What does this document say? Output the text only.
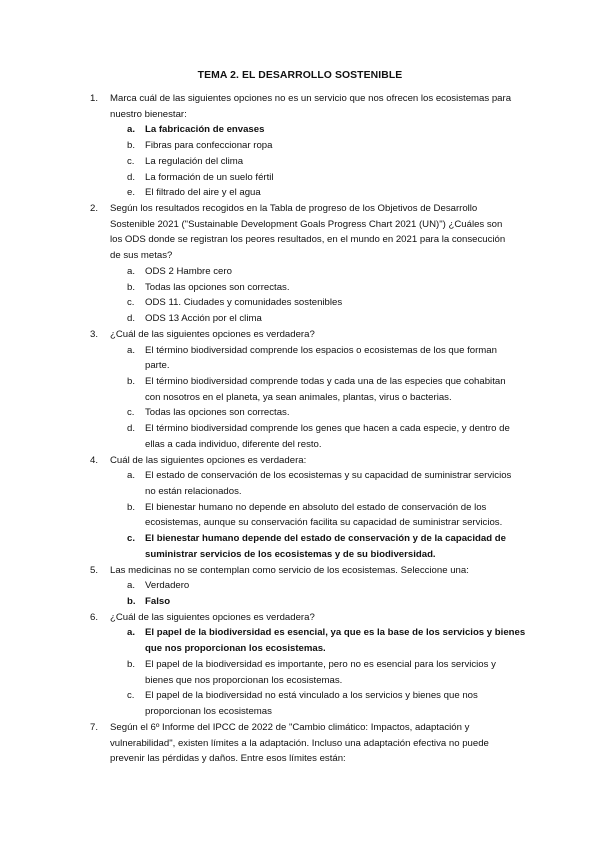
TEMA 2. EL DESARROLLO SOSTENIBLE
1. Marca cuál de las siguientes opciones no es un servicio que nos ofrecen los ecosistemas para
nuestro bienestar:
a. La fabricación de envases
b. Fibras para confeccionar ropa
c. La regulación del clima
d. La formación de un suelo fértil
e. El filtrado del aire y el agua
2. Según los resultados recogidos en la Tabla de progreso de los Objetivos de Desarrollo
Sostenible 2021 ("Sustainable Development Goals Progress Chart 2021 (UN)") ¿Cuáles son
los ODS donde se registran los peores resultados, en el mundo en 2021 para la consecución
de sus metas?
a. ODS 2 Hambre cero
b. Todas las opciones son correctas.
c. ODS 11. Ciudades y comunidades sostenibles
d. ODS 13 Acción por el clima
3. ¿Cuál de las siguientes opciones es verdadera?
a. El término biodiversidad comprende los espacios o ecosistemas de los que forman
parte.
b. El término biodiversidad comprende todas y cada una de las especies que cohabitan
con nosotros en el planeta, ya sean animales, plantas, virus o bacterias.
c. Todas las opciones son correctas.
d. El término biodiversidad comprende los genes que hacen a cada especie, y dentro de
ellas a cada individuo, diferente del resto.
4. Cuál de las siguientes opciones es verdadera:
a. El estado de conservación de los ecosistemas y su capacidad de suministrar servicios
no están relacionados.
b. El bienestar humano no depende en absoluto del estado de conservación de los
ecosistemas, aunque su conservación facilita su capacidad de suministrar servicios.
c. El bienestar humano depende del estado de conservación y de la capacidad de
suministrar servicios de los ecosistemas y de su biodiversidad.
5. Las medicinas no se contemplan como servicio de los ecosistemas. Seleccione una:
a. Verdadero
b. Falso
6. ¿Cuál de las siguientes opciones es verdadera?
a. El papel de la biodiversidad es esencial, ya que es la base de los servicios y bienes
que nos proporcionan los ecosistemas.
b. El papel de la biodiversidad es importante, pero no es esencial para los servicios y
bienes que nos proporcionan los ecosistemas.
c. El papel de la biodiversidad no está vinculado a los servicios y bienes que nos
proporcionan los ecosistemas
7. Según el 6º Informe del IPCC de 2022 de "Cambio climático: Impactos, adaptación y
vulnerabilidad", existen límites a la adaptación. Incluso una adaptación efectiva no puede
prevenir las pérdidas y daños. Entre esos límites están:
